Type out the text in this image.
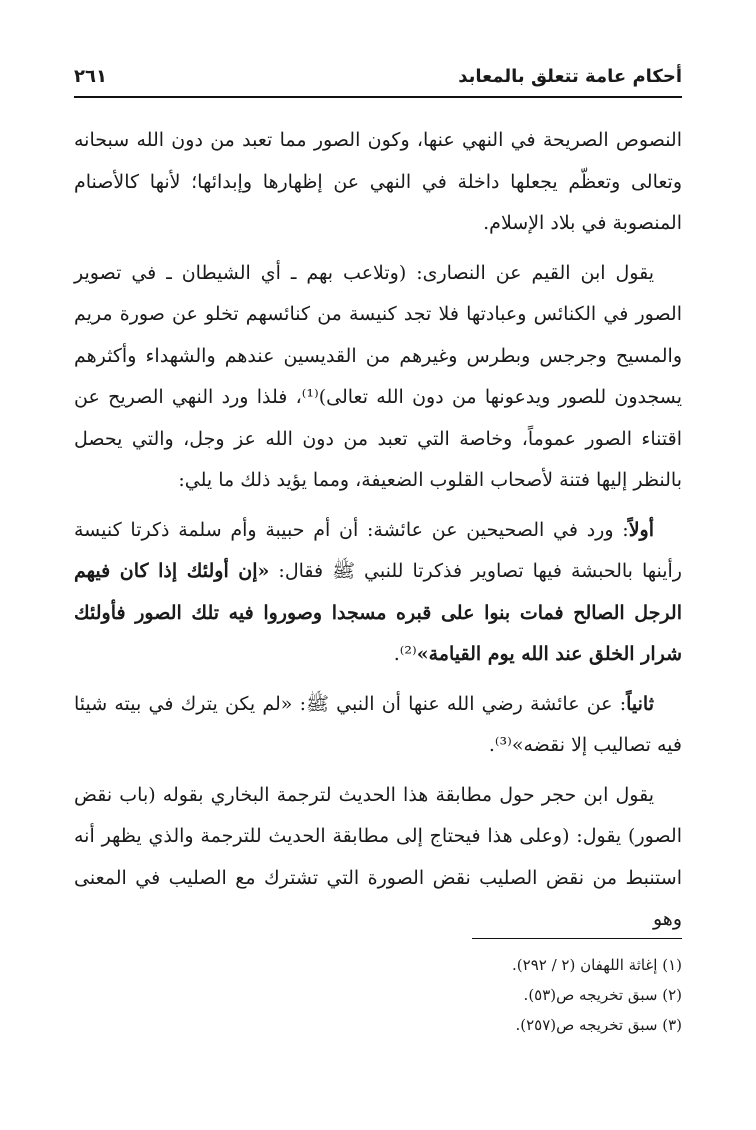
٢٦١	أحكام عامة تتعلق بالمعابد

النصوص الصريحة في النهي عنها، وكون الصور مما تعبد من دون الله سبحانه وتعالى وتعظّم يجعلها داخلة في النهي عن إظهارها وإبدائها؛ لأنها كالأصنام المنصوبة في بلاد الإسلام.

يقول ابن القيم عن النصارى: (وتلاعب بهم ـ أي الشيطان ـ في تصوير الصور في الكنائس وعبادتها فلا تجد كنيسة من كنائسهم تخلو عن صورة مريم والمسيح وجرجس وبطرس وغيرهم من القديسين عندهم والشهداء وأكثرهم يسجدون للصور ويدعونها من دون الله تعالى)⁽¹⁾، فلذا ورد النهي الصريح عن اقتناء الصور عموماً، وخاصة التي تعبد من دون الله عز وجل، والتي يحصل بالنظر إليها فتنة لأصحاب القلوب الضعيفة، ومما يؤيد ذلك ما يلي:

أولاً: ورد في الصحيحين عن عائشة: أن أم حبيبة وأم سلمة ذكرتا كنيسة رأينها بالحبشة فيها تصاوير فذكرتا للنبي ﷺ فقال: «إن أولئك إذا كان فيهم الرجل الصالح فمات بنوا على قبره مسجدا وصوروا فيه تلك الصور فأولئك شرار الخلق عند الله يوم القيامة»⁽²⁾.

ثانياً: عن عائشة رضي الله عنها أن النبي ﷺ: «لم يكن يترك في بيته شيئا فيه تصاليب إلا نقضه»⁽³⁾.

يقول ابن حجر حول مطابقة هذا الحديث لترجمة البخاري بقوله (باب نقض الصور) يقول: (وعلى هذا فيحتاج إلى مطابقة الحديث للترجمة والذي يظهر أنه استنبط من نقض الصليب نقض الصورة التي تشترك مع الصليب في المعنى وهو

(١) إغاثة اللهفان (٢ / ٢٩٢).
(٢) سبق تخريجه ص(٥٣).
(٣) سبق تخريجه ص(٢٥٧).
